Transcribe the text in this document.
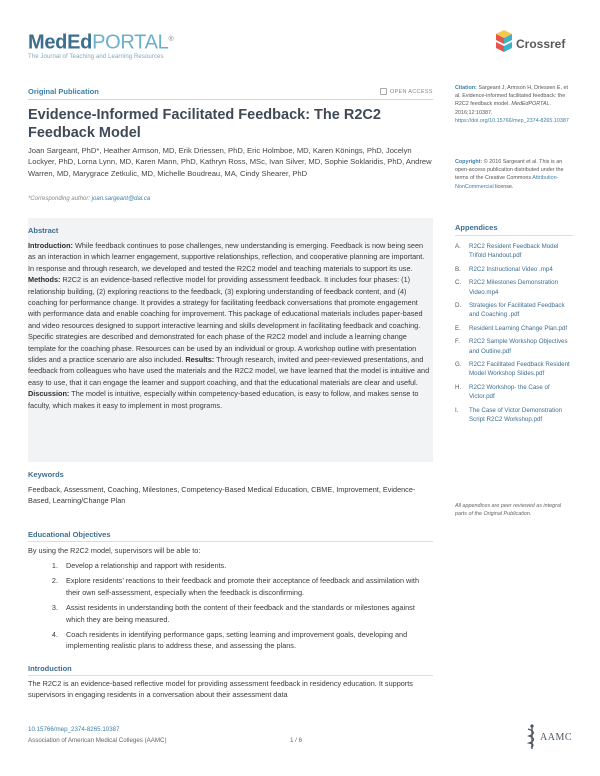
MedEdPORTAL®
The Journal of Teaching and Learning Resources
Crossref
Original Publication	OPEN ACCESS
Evidence-Informed Facilitated Feedback: The R2C2 Feedback Model
Joan Sargeant, PhD*, Heather Armson, MD, Erik Driessen, PhD, Eric Holmboe, MD, Karen Könings, PhD, Jocelyn Lockyer, PhD, Lorna Lynn, MD, Karen Mann, PhD, Kathryn Ross, MSc, Ivan Silver, MD, Sophie Soklaridis, PhD, Andrew Warren, MD, Marygrace Zetkulic, MD, Michelle Boudreau, MA, Cindy Shearer, PhD
*Corresponding author: joan.sargeant@dal.ca
Abstract
Introduction: While feedback continues to pose challenges, new understanding is emerging. Feedback is now being seen as an interaction in which learner engagement, supportive relationships, reflection, and cooperative planning are important. In response and through research, we developed and tested the R2C2 model and teaching materials to support its use. Methods: R2C2 is an evidence-based reflective model for providing assessment feedback. It includes four phases: (1) relationship building, (2) exploring reactions to the feedback, (3) exploring understanding of feedback content, and (4) coaching for performance change. It provides a strategy for facilitating feedback conversations that promote engagement with performance data and enable coaching for improvement. This package of educational materials includes paper-based and video resources designed to support interactive learning and skills development in facilitating feedback and coaching. Specific strategies are described and demonstrated for each phase of the R2C2 model and include a learning change template for the coaching phase. Resources can be used by an individual or group. A workshop outline with presentation slides and a practice scenario are also included. Results: Through research, invited and peer-reviewed presentations, and feedback from colleagues who have used the materials and the R2C2 model, we have learned that the model is intuitive and easy to use, that it can engage the learner and support coaching, and that the educational materials are clear and useful. Discussion: The model is intuitive, especially within competency-based education, is easy to follow, and makes sense to faculty, which makes it easy to implement in most programs.
Keywords
Feedback, Assessment, Coaching, Milestones, Competency-Based Medical Education, CBME, Improvement, Evidence-Based, Learning/Change Plan
Educational Objectives
By using the R2C2 model, supervisors will be able to:
1.	Develop a relationship and rapport with residents.
2.	Explore residents’ reactions to their feedback and promote their acceptance of feedback and assimilation with their own self-assessment, especially when the feedback is disconfirming.
3.	Assist residents in understanding both the content of their feedback and the standards or milestones against which they are being measured.
4.	Coach residents in identifying performance gaps, setting learning and improvement goals, developing and implementing realistic plans to address these, and assessing the plans.
Introduction
The R2C2 is an evidence-based reflective model for providing assessment feedback in residency education. It supports supervisors in engaging residents in a conversation about their assessment data
Citation: Sargeant J, Armson H, Driessen E, et al. Evidence-informed facilitated feedback: the R2C2 feedback model. MedEdPORTAL. 2016;12:10387. https://doi.org/10.15766/mep_2374-8265.10387
Copyright: © 2016 Sargeant et al. This is an open-access publication distributed under the terms of the Creative Commons Attribution-NonCommercial license.
Appendices
A.	R2C2 Resident Feedback Model Trifold Handout.pdf
B.	R2C2 Instructional Video .mp4
C.	R2C2 Milestones Demonstration Video.mp4
D.	Strategies for Facilitated Feedback and Coaching .pdf
E.	Resident Learning Change Plan.pdf
F.	R2C2 Sample Workshop Objectives and Outline.pdf
G.	R2C2 Facilitated Feedback Resident Model Workshop Slides.pdf
H.	R2C2 Workshop- the Case of Victor.pdf
I.	The Case of Victor Demonstration Script R2C2 Workshop.pdf
All appendices are peer reviewed as integral parts of the Original Publication.
10.15766/mep_2374-8265.10387
Association of American Medical Colleges (AAMC)	1 / 6	AAMC
